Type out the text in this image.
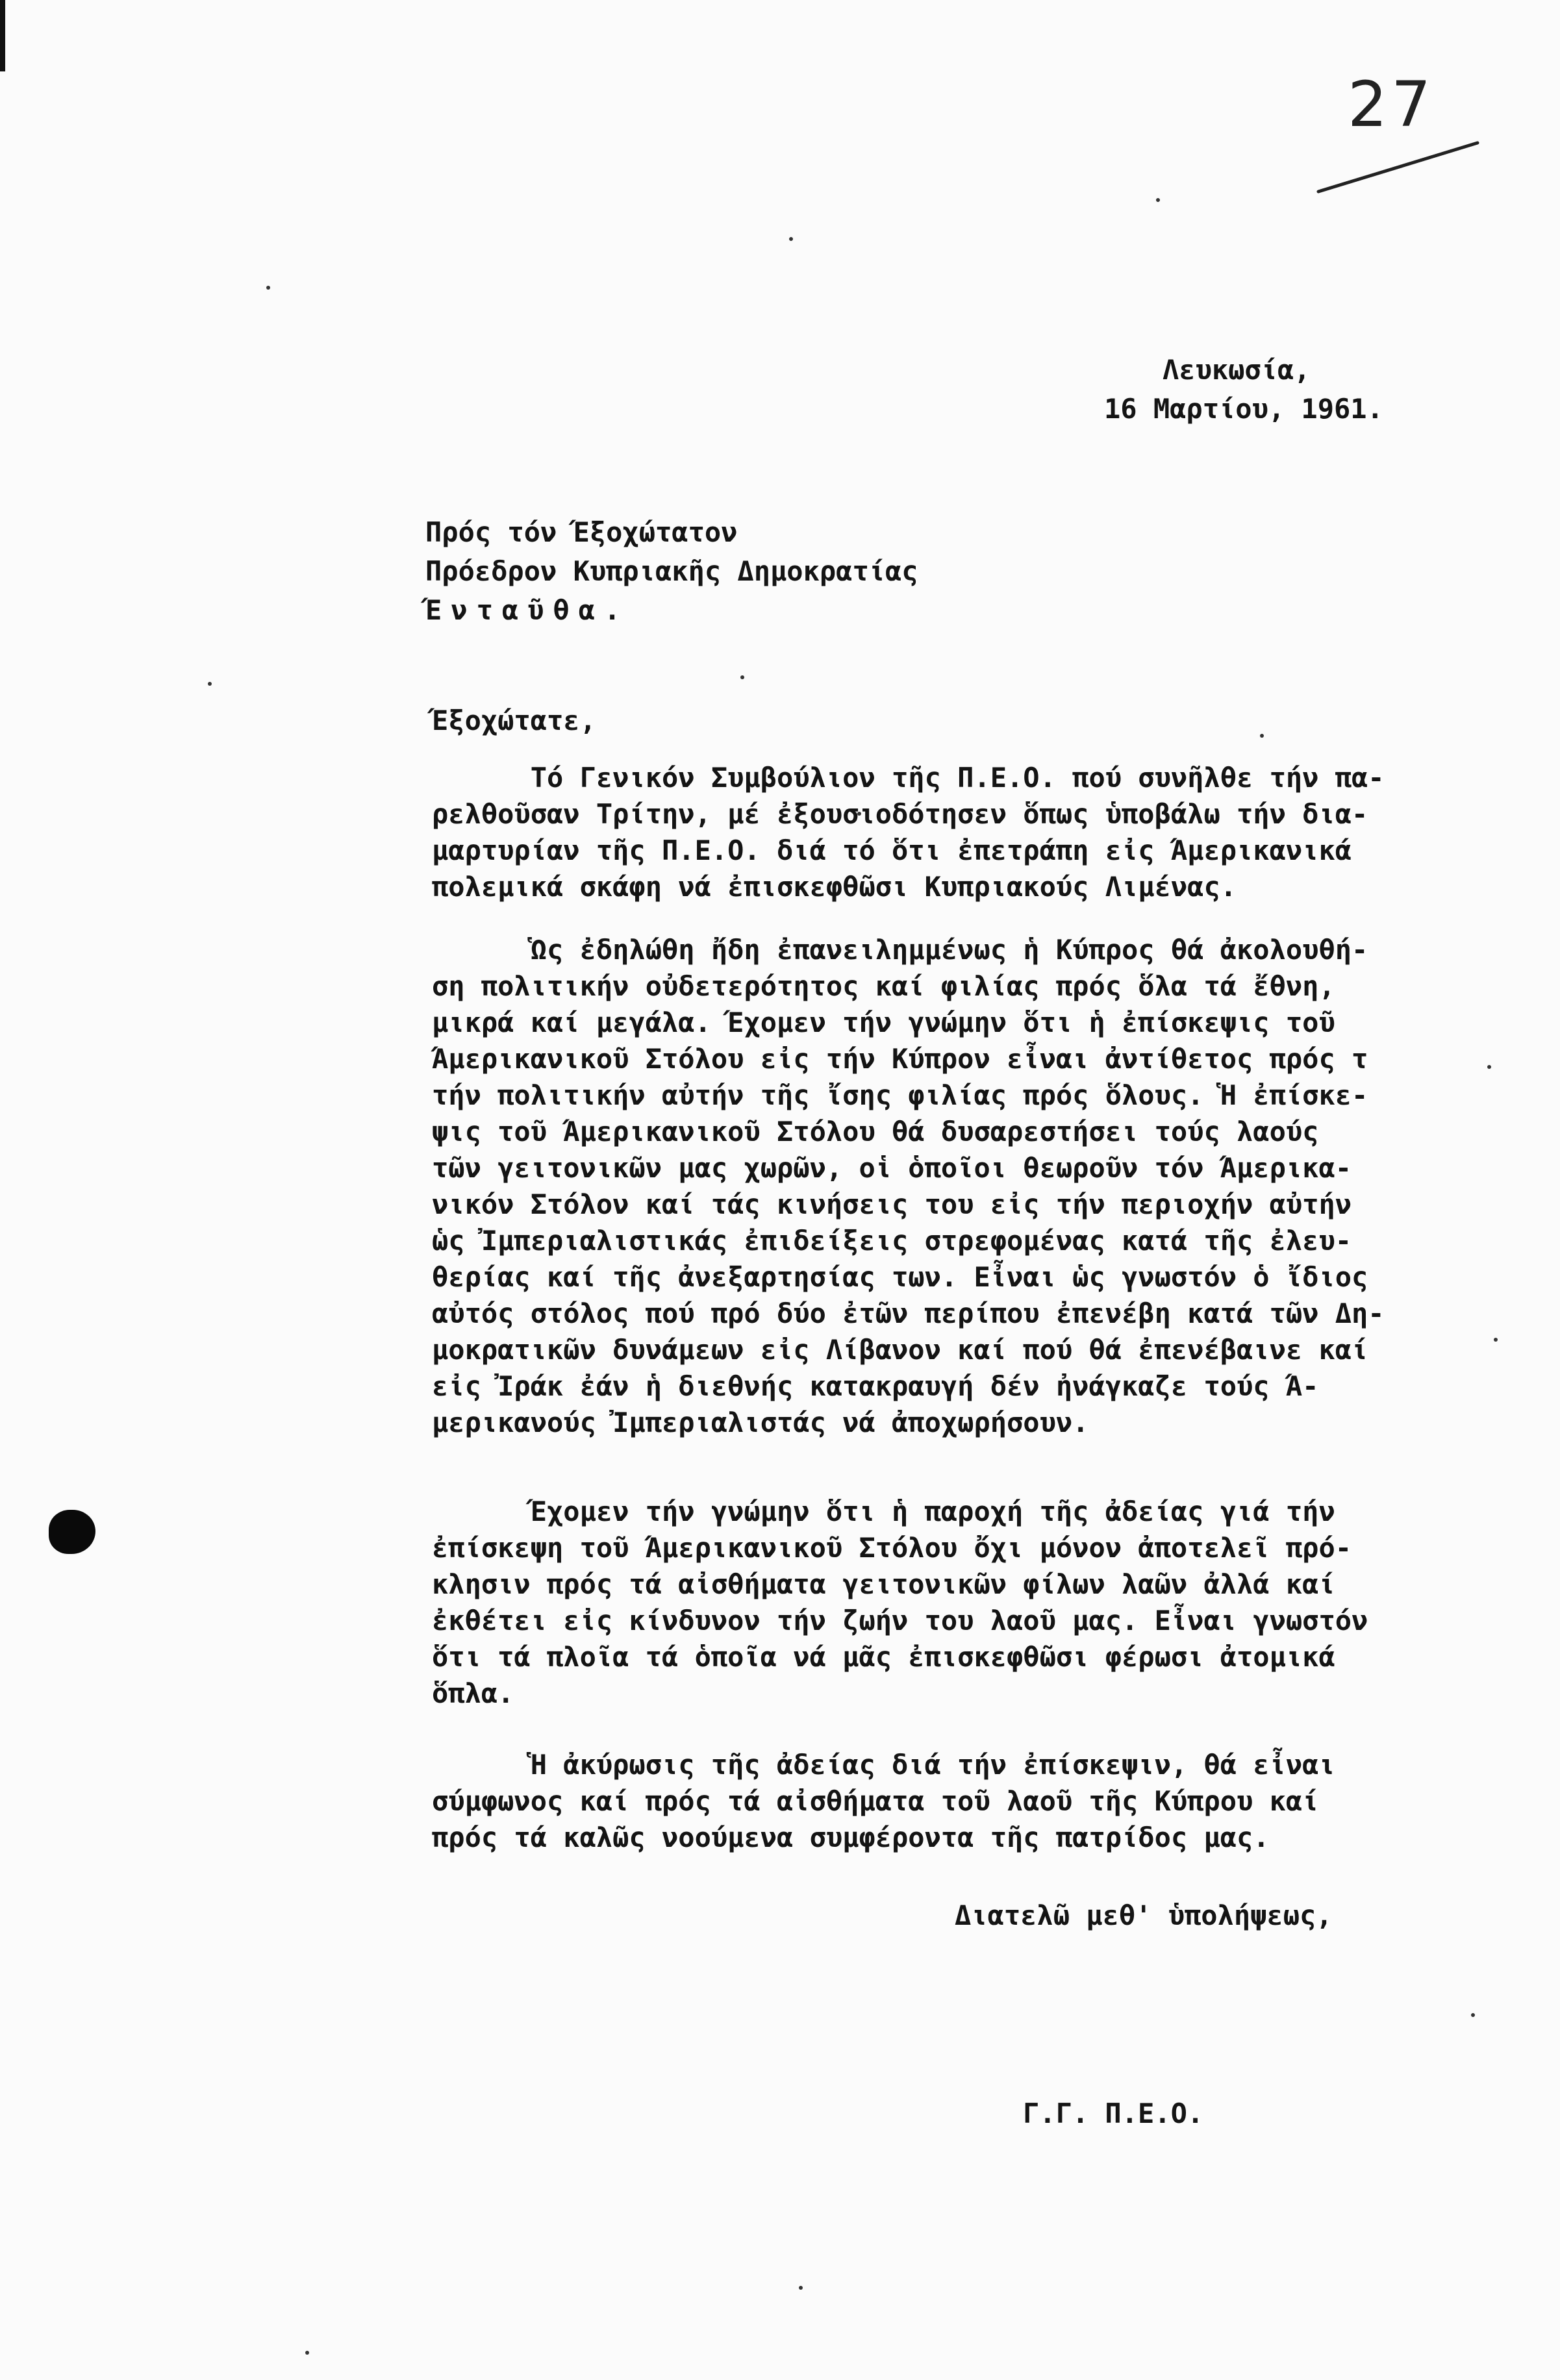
27
Λευκωσία,
16 Μαρτίου, 1961.
Πρός τόν Έξοχώτατον
Πρόεδρον Κυπριακῆς Δημοκρατίας
Ένταῦθα.
Έξοχώτατε,
Τό Γενικόν Συμβούλιον τῆς Π.Ε.Ο. πού συνῆλθε τήν πα-
ρελθοῦσαν Τρίτην, μέ ἐξουσιοδότησεν ὅπως ὑποβάλω τήν δια-
μαρτυρίαν τῆς Π.Ε.Ο. διά τό ὅτι ἐπετράπη εἰς Άμερικανικά
πολεμικά σκάφη νά ἐπισκεφθῶσι Κυπριακούς Λιμένας.
Ὡς ἐδηλώθη ἤδη ἐπανειλημμένως ἡ Κύπρος θά ἀκολουθή-
ση πολιτικήν οὐδετερότητος καί φιλίας πρός ὅλα τά ἔθνη,
μικρά καί μεγάλα. Έχομεν τήν γνώμην ὅτι ἡ ἐπίσκεψις τοῦ
Άμερικανικοῦ Στόλου εἰς τήν Κύπρον εἶναι ἀντίθετος πρός τ
τήν πολιτικήν αὐτήν τῆς ἴσης φιλίας πρός ὅλους. Ἡ ἐπίσκε-
ψις τοῦ Άμερικανικοῦ Στόλου θά δυσαρεστήσει τούς λαούς
τῶν γειτονικῶν μας χωρῶν, οἱ ὁποῖοι θεωροῦν τόν Άμερικα-
νικόν Στόλον καί τάς κινήσεις του εἰς τήν περιοχήν αὐτήν
ὡς Ἰμπεριαλιστικάς ἐπιδείξεις στρεφομένας κατά τῆς ἐλευ-
θερίας καί τῆς ἀνεξαρτησίας των. Εἶναι ὡς γνωστόν ὁ ἴδιος
αὐτός στόλος πού πρό δύο ἐτῶν περίπου ἐπενέβη κατά τῶν Δη-
μοκρατικῶν δυνάμεων εἰς Λίβανον καί πού θά ἐπενέβαινε καί
εἰς Ἰράκ ἐάν ἡ διεθνής κατακραυγή δέν ἠνάγκαζε τούς Ά-
μερικανούς Ἰμπεριαλιστάς νά ἀποχωρήσουν.
Έχομεν τήν γνώμην ὅτι ἡ παροχή τῆς ἀδείας γιά τήν
ἐπίσκεψη τοῦ Άμερικανικοῦ Στόλου ὄχι μόνον ἀποτελεῖ πρό-
κλησιν πρός τά αἰσθήματα γειτονικῶν φίλων λαῶν ἀλλά καί
ἐκθέτει εἰς κίνδυνον τήν ζωήν του λαοῦ μας. Εἶναι γνωστόν
ὅτι τά πλοῖα τά ὁποῖα νά μᾶς ἐπισκεφθῶσι φέρωσι ἀτομικά
ὅπλα.
Ἡ ἀκύρωσις τῆς ἀδείας διά τήν ἐπίσκεψιν, θά εἶναι
σύμφωνος καί πρός τά αἰσθήματα τοῦ λαοῦ τῆς Κύπρου καί
πρός τά καλῶς νοούμενα συμφέροντα τῆς πατρίδος μας.
Διατελῶ μεθ' ὑπολήψεως,
Γ.Γ. Π.Ε.Ο.
